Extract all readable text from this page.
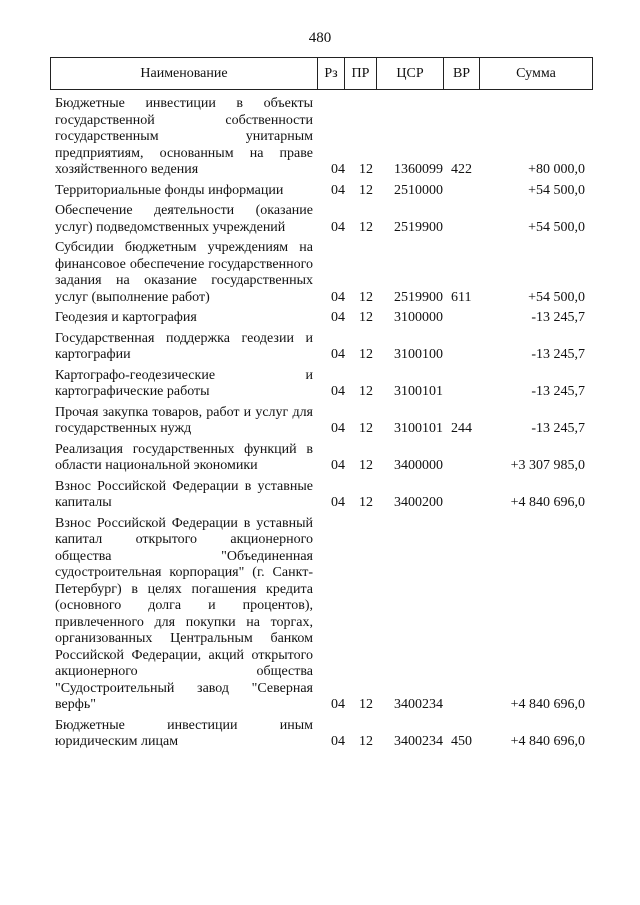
480
Наименование	Рз ПР	ЦСР	ВР	Сумма
Бюджетные инвестиции в объекты государственной собственности государственным унитарным предприятиям, основанным на праве хозяйственного ведения	04	12	1360099 422	+80 000,0
Территориальные фонды информации	04	12	2510000	+54 500,0
Обеспечение деятельности (оказание услуг) подведомственных учреждений	04	12	2519900	+54 500,0
Субсидии бюджетным учреждениям на финансовое обеспечение государственного задания на оказание государственных услуг (выполнение работ)	04	12	2519900 611	+54 500,0
Геодезия и картография	04	12	3100000	-13 245,7
Государственная поддержка геодезии и картографии	04	12	3100100	-13 245,7
Картографо-геодезические и картографические работы	04	12	3100101	-13 245,7
Прочая закупка товаров, работ и услуг для государственных нужд	04	12	3100101 244	-13 245,7
Реализация государственных функций в области национальной экономики	04	12	3400000	+3 307 985,0
Взнос Российской Федерации в уставные капиталы	04	12	3400200	+4 840 696,0
Взнос Российской Федерации в уставный капитал открытого акционерного общества "Объединенная судостроительная корпорация" (г. Санкт-Петербург) в целях погашения кредита (основного долга и процентов), привлеченного для покупки на торгах, организованных Центральным банком Российской Федерации, акций открытого акционерного общества "Судостроительный завод "Северная верфь"	04	12	3400234	+4 840 696,0
Бюджетные инвестиции иным юридическим лицам	04	12	3400234 450	+4 840 696,0
